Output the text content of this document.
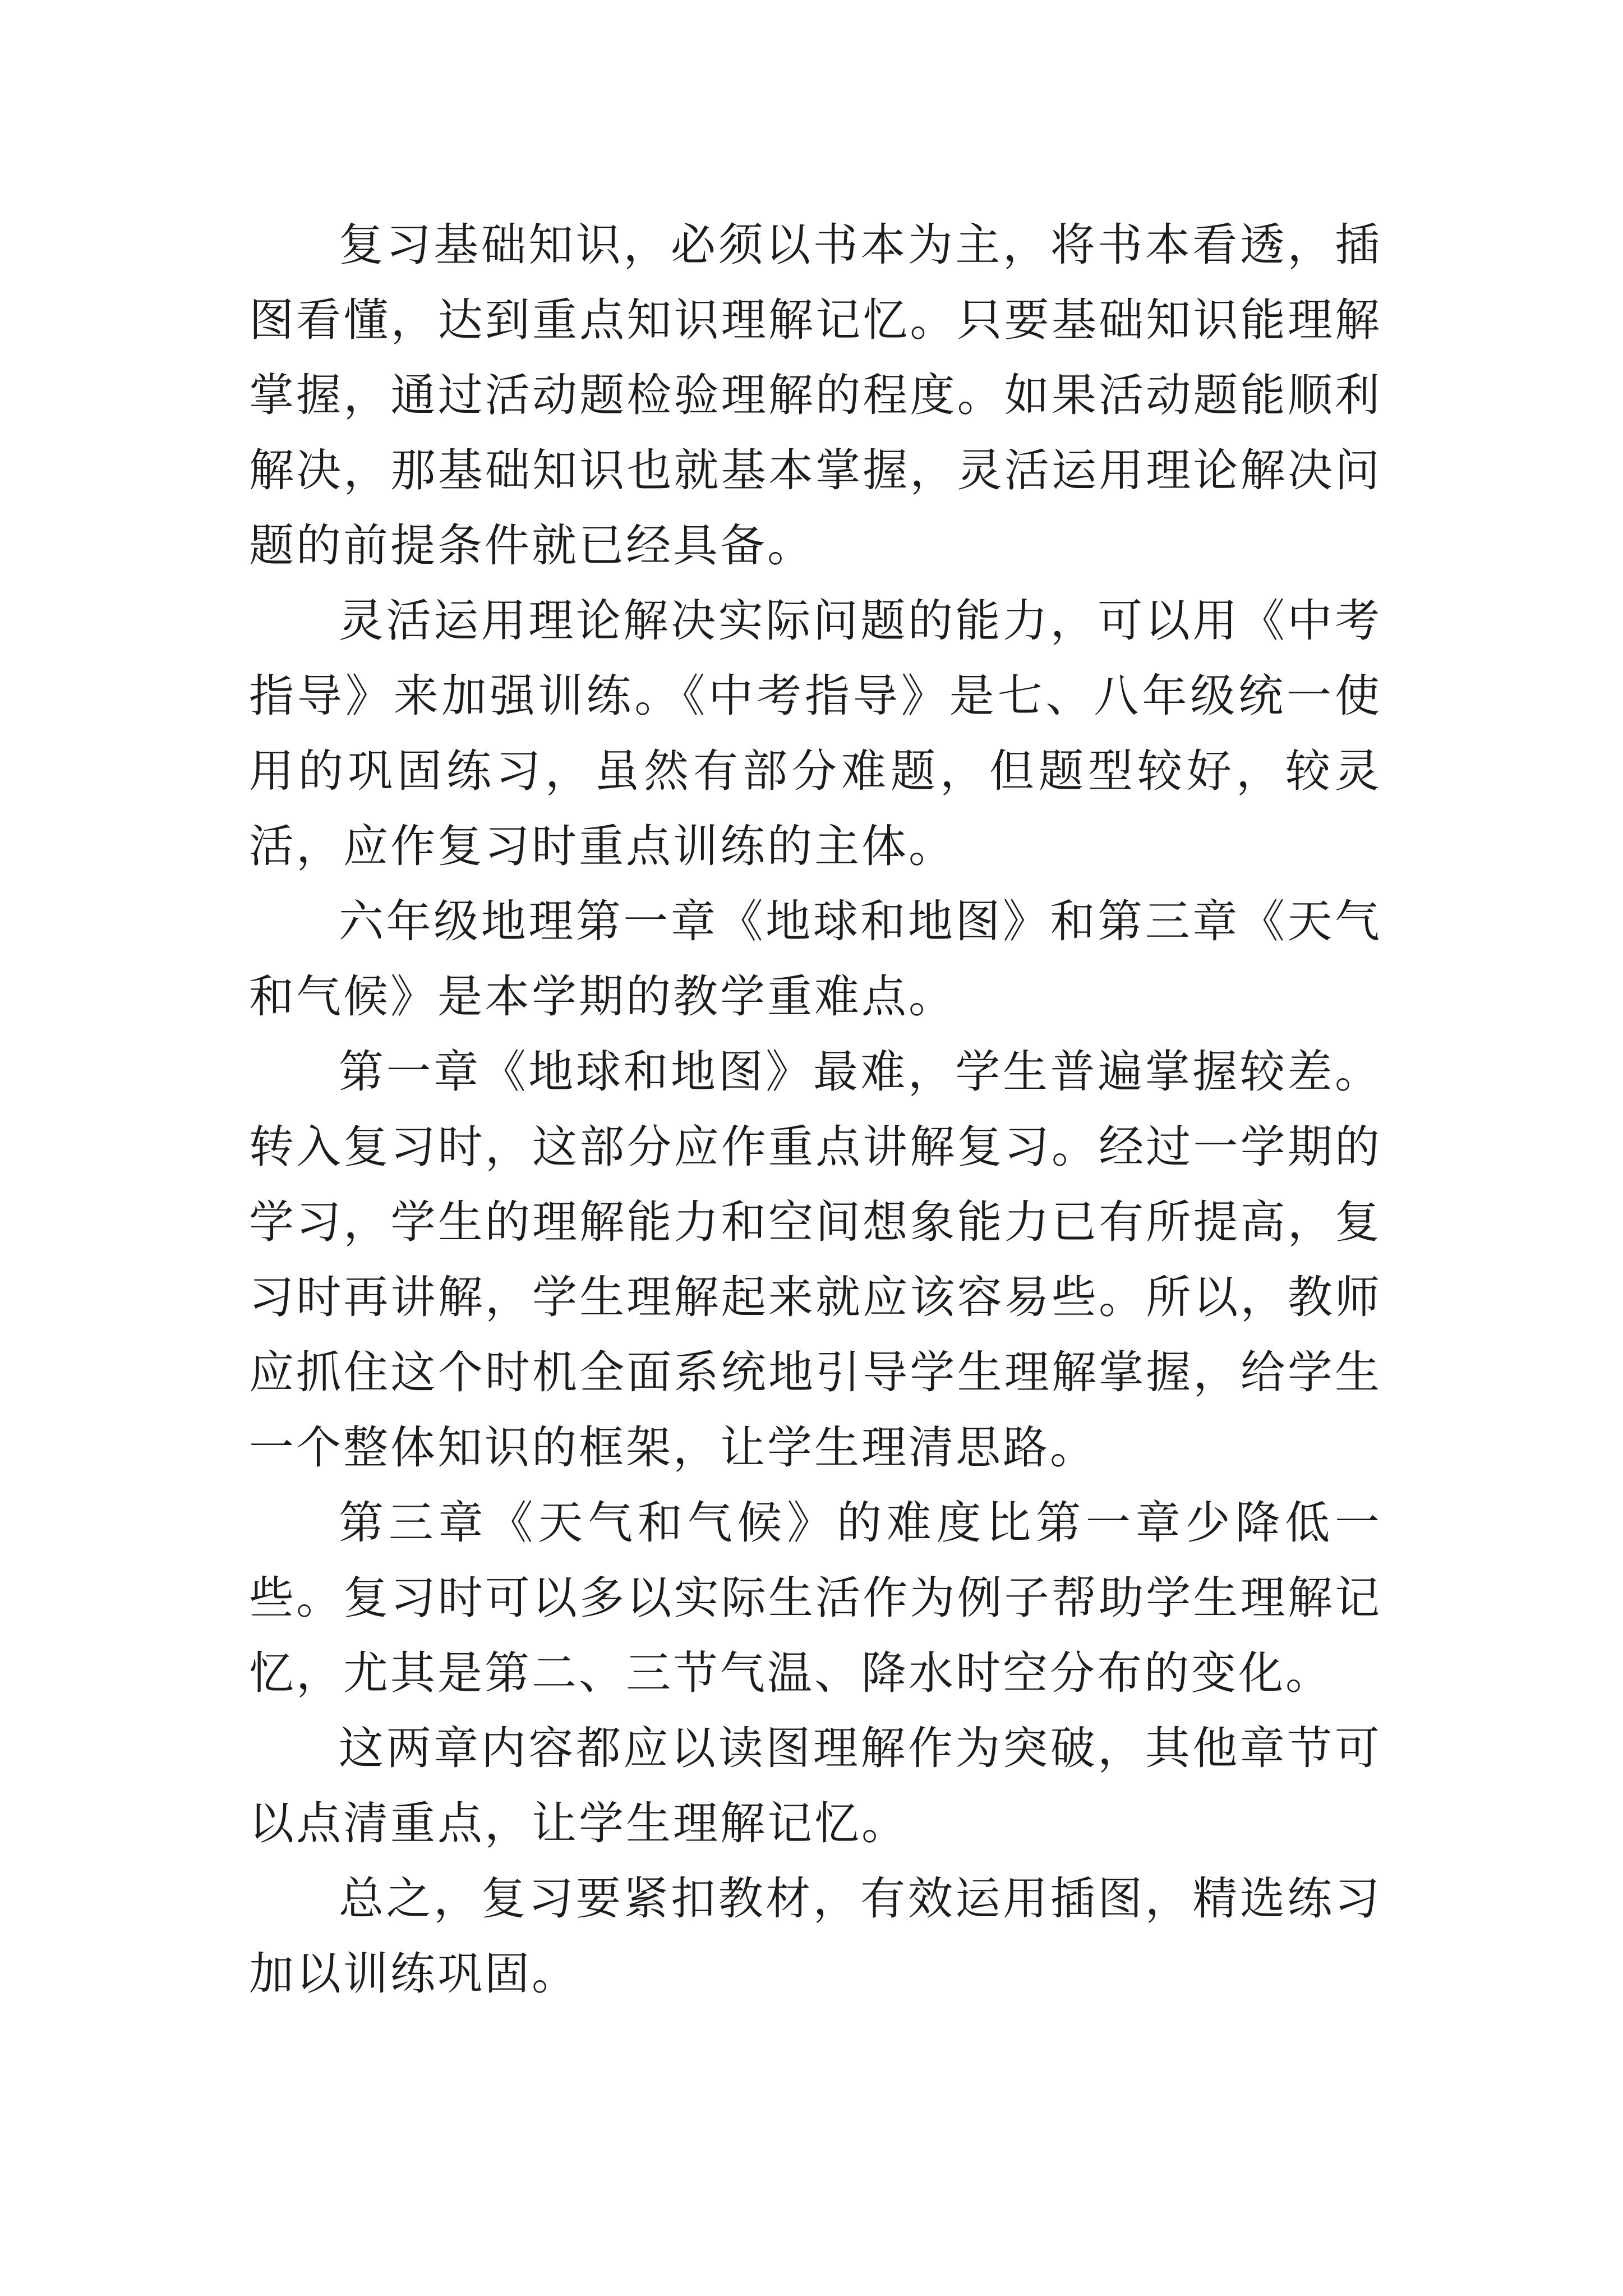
复习基础知识，必须以书本为主，将书本看透，插图看懂，达到重点知识理解记忆。只要基础知识能理解掌握，通过活动题检验理解的程度。如果活动题能顺利解决，那基础知识也就基本掌握，灵活运用理论解决问题的前提条件就已经具备。

灵活运用理论解决实际问题的能力，可以用《中考指导》来加强训练。《中考指导》是七、八年级统一使用的巩固练习，虽然有部分难题，但题型较好，较灵活，应作复习时重点训练的主体。

六年级地理第一章《地球和地图》和第三章《天气和气候》是本学期的教学重难点。

第一章《地球和地图》最难，学生普遍掌握较差。转入复习时，这部分应作重点讲解复习。经过一学期的学习，学生的理解能力和空间想象能力已有所提高，复习时再讲解，学生理解起来就应该容易些。所以，教师应抓住这个时机全面系统地引导学生理解掌握，给学生一个整体知识的框架，让学生理清思路。

第三章《天气和气候》的难度比第一章少降低一些。复习时可以多以实际生活作为例子帮助学生理解记忆，尤其是第二、三节气温、降水时空分布的变化。

这两章内容都应以读图理解作为突破，其他章节可以点清重点，让学生理解记忆。

总之，复习要紧扣教材，有效运用插图，精选练习加以训练巩固。
